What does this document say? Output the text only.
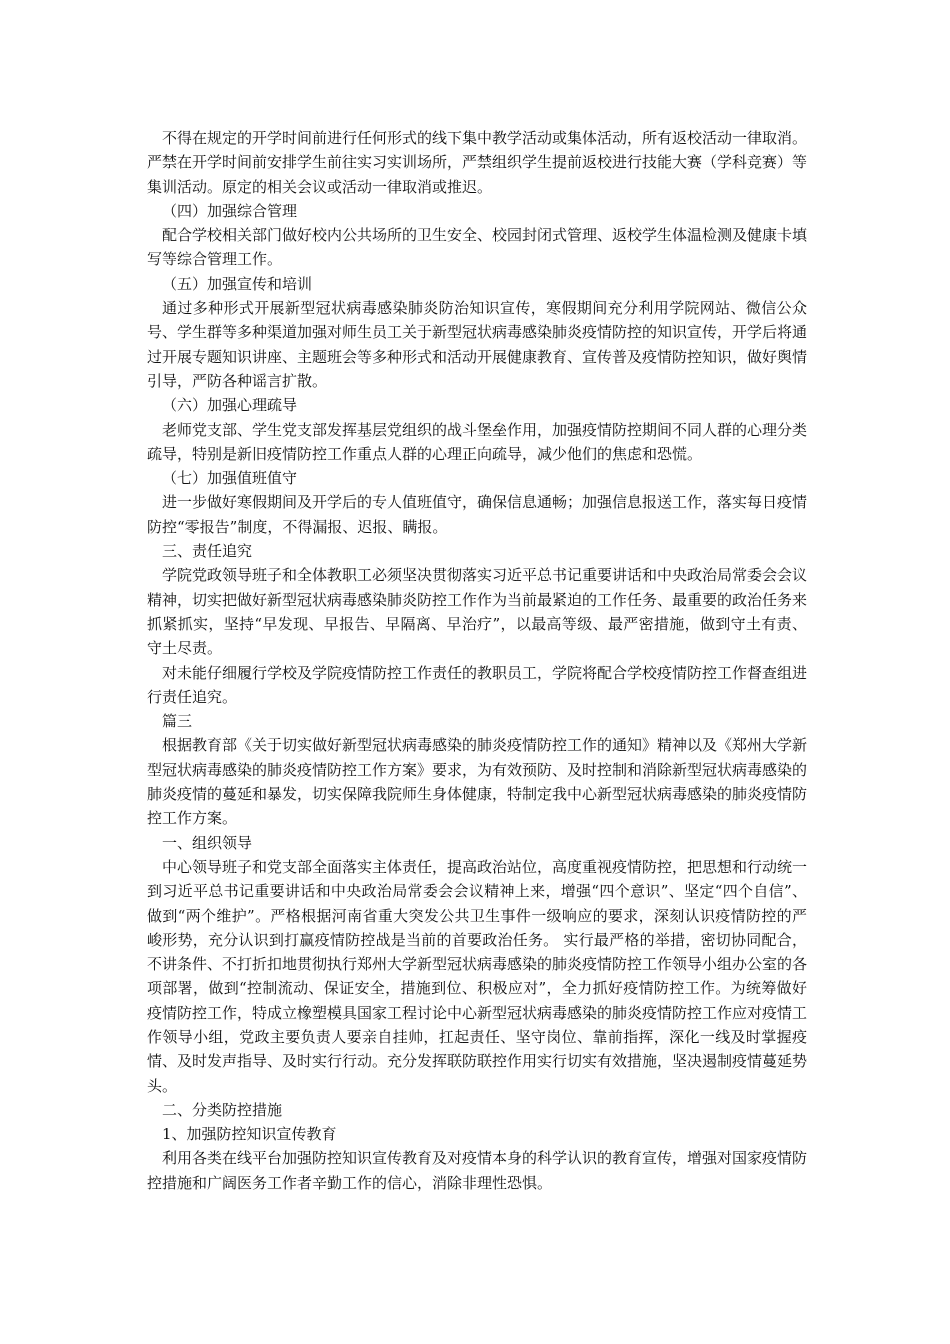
不得在规定的开学时间前进行任何形式的线下集中教学活动或集体活动，所有返校活动一律取消。严禁在开学时间前安排学生前往实习实训场所，严禁组织学生提前返校进行技能大赛（学科竞赛）等集训活动。原定的相关会议或活动一律取消或推迟。

（四）加强综合管理

配合学校相关部门做好校内公共场所的卫生安全、校园封闭式管理、返校学生体温检测及健康卡填写等综合管理工作。

（五）加强宣传和培训

通过多种形式开展新型冠状病毒感染肺炎防治知识宣传，寒假期间充分利用学院网站、微信公众号、学生群等多种渠道加强对师生员工关于新型冠状病毒感染肺炎疫情防控的知识宣传，开学后将通过开展专题知识讲座、主题班会等多种形式和活动开展健康教育、宣传普及疫情防控知识，做好舆情引导，严防各种谣言扩散。

（六）加强心理疏导

老师党支部、学生党支部发挥基层党组织的战斗堡垒作用，加强疫情防控期间不同人群的心理分类疏导，特别是新旧疫情防控工作重点人群的心理正向疏导，减少他们的焦虑和恐慌。

（七）加强值班值守

进一步做好寒假期间及开学后的专人值班值守，确保信息通畅；加强信息报送工作，落实每日疫情防控“零报告”制度，不得漏报、迟报、瞒报。

三、责任追究

学院党政领导班子和全体教职工必须坚决贯彻落实习近平总书记重要讲话和中央政治局常委会会议精神，切实把做好新型冠状病毒感染肺炎防控工作作为当前最紧迫的工作任务、最重要的政治任务来抓紧抓实，坚持“早发现、早报告、早隔离、早治疗”，以最高等级、最严密措施，做到守土有责、守土尽责。

对未能仔细履行学校及学院疫情防控工作责任的教职员工，学院将配合学校疫情防控工作督查组进行责任追究。

篇三

根据教育部《关于切实做好新型冠状病毒感染的肺炎疫情防控工作的通知》精神以及《郑州大学新型冠状病毒感染的肺炎疫情防控工作方案》要求，为有效预防、及时控制和消除新型冠状病毒感染的肺炎疫情的蔓延和暴发，切实保障我院师生身体健康，特制定我中心新型冠状病毒感染的肺炎疫情防控工作方案。

一、组织领导

中心领导班子和党支部全面落实主体责任，提高政治站位，高度重视疫情防控，把思想和行动统一到习近平总书记重要讲话和中央政治局常委会会议精神上来，增强“四个意识”、坚定“四个自信”、做到“两个维护”。严格根据河南省重大突发公共卫生事件一级响应的要求，深刻认识疫情防控的严峻形势，充分认识到打赢疫情防控战是当前的首要政治任务。 实行最严格的举措，密切协同配合，不讲条件、不打折扣地贯彻执行郑州大学新型冠状病毒感染的肺炎疫情防控工作领导小组办公室的各项部署，做到“控制流动、保证安全，措施到位、积极应对”，全力抓好疫情防控工作。为统筹做好疫情防控工作，特成立橡塑模具国家工程讨论中心新型冠状病毒感染的肺炎疫情防控工作应对疫情工作领导小组，党政主要负责人要亲自挂帅，扛起责任、坚守岗位、靠前指挥，深化一线及时掌握疫情、及时发声指导、及时实行行动。充分发挥联防联控作用实行切实有效措施，坚决遏制疫情蔓延势头。

二、分类防控措施

1、加强防控知识宣传教育

利用各类在线平台加强防控知识宣传教育及对疫情本身的科学认识的教育宣传，增强对国家疫情防控措施和广阔医务工作者辛勤工作的信心，消除非理性恐惧。
